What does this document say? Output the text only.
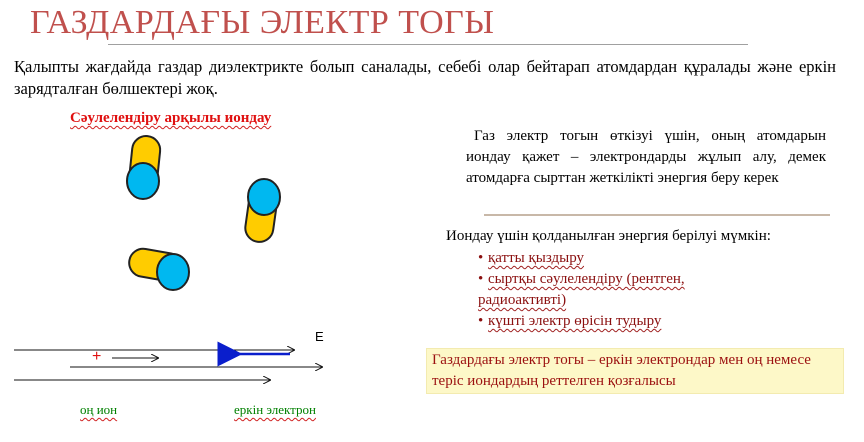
ГАЗДАРДАҒЫ ЭЛЕКТР ТОГЫ
Қалыпты жағдайда газдар диэлектрикте болып саналады, себебі олар бейтарап атомдардан құралады және еркін зарядталған бөлшектері жоқ.
Сәулелендіру арқылы иондау
+
E
оң ион	еркін электрон
Газ электр тогын өткізуі үшін, оның атомдарын иондау қажет – электрондарды жұлып алу, демек атомдарға сырттан жеткілікті энергия беру керек
Иондау үшін қолданылған энергия берілуі мүмкін:
• қатты қыздыру
• сыртқы сәулелендіру (рентген,
радиоактивті)
• күшті электр өрісін тудыру
Газдардағы электр тогы – еркін электрондар мен оң немесе теріс иондардың реттелген қозғалысы
